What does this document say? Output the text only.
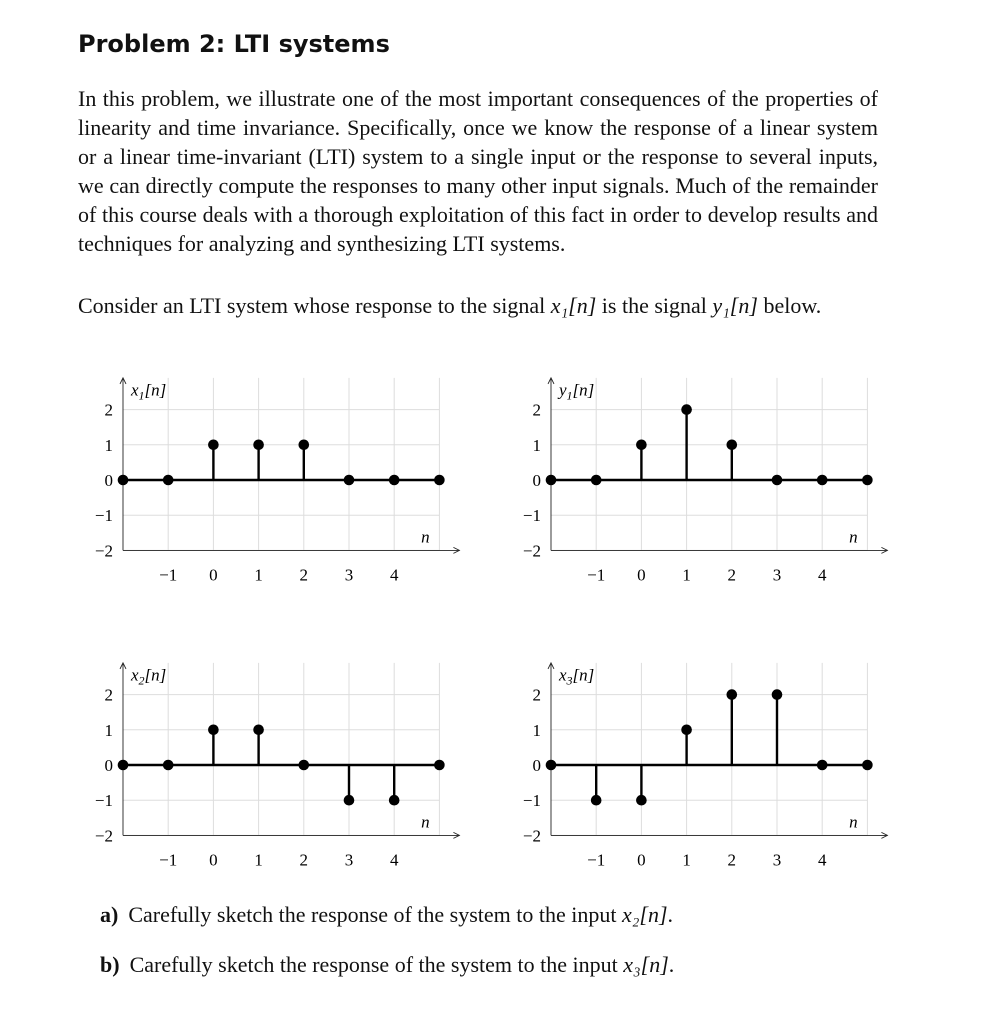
Problem 2: LTI systems

In this problem, we illustrate one of the most important consequences of the properties of linearity and time invariance. Specifically, once we know the response of a linear system or a linear time-invariant (LTI) system to a single input or the response to several inputs, we can directly compute the responses to many other input signals. Much of the remainder of this course deals with a thorough exploitation of this fact in order to develop results and techniques for analyzing and synthesizing LTI systems.

Consider an LTI system whose response to the signal x₁[n] is the signal y₁[n] below.

2
1
0
−1
−2
−1 0 1 2 3 4
n
$x_1[n]$
2
1
0
−1
−2
−1 0 1 2 3 4
n
$y_1[n]$
2
1
0
−1
−2
−1 0 1 2 3 4
n
$x_2[n]$
2
1
0
−1
−2
−1 0 1 2 3 4
n
$x_3[n]$

a) Carefully sketch the response of the system to the input x₂[n].

b) Carefully sketch the response of the system to the input x₃[n].
